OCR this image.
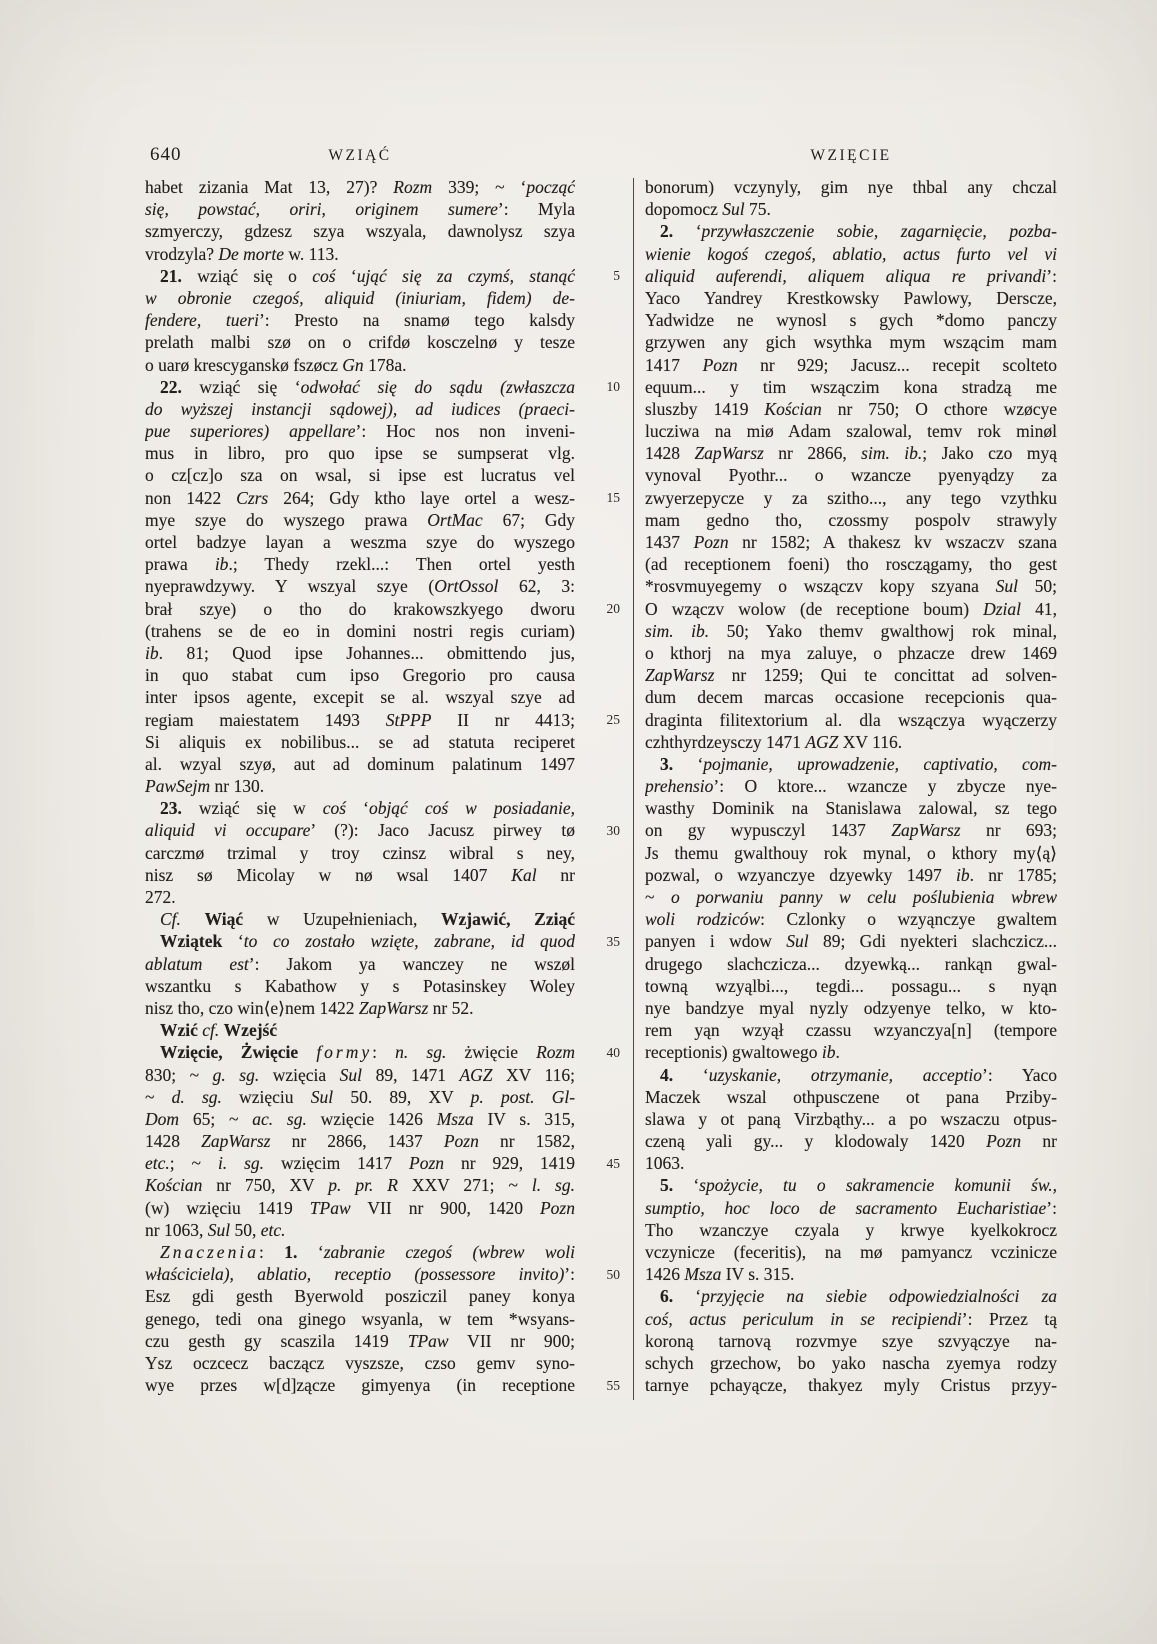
640	WZIĄĆ	WZIĘCIE
habet zizania Mat 13, 27)? Rozm 339; ~ ‘począć
się, powstać, oriri, originem sumere’: Myla
szmyerczy, gdzesz szya wszyala, dawnolysz szya
vrodzyla? De morte w. 113.
21. wziąć się o coś ‘ująć się za czymś, stanąć
w obronie czegoś, aliquid (iniuriam, fidem) de-
fendere, tueri’: Presto na snamø tego kalsdy
prelath malbi szø on o crifdø kosczelnø y tesze
o uarø krescyganskø fszøcz Gn 178a.
22. wziąć się ‘odwołać się do sądu (zwłaszcza
do wyższej instancji sądowej), ad iudices (praeci-
pue superiores) appellare’: Hoc nos non inveni-
mus in libro, pro quo ipse se sumpserat vlg.
o cz[cz]o sza on wsal, si ipse est lucratus vel
non 1422 Czrs 264; Gdy ktho laye ortel a wesz-
mye szye do wyszego prawa OrtMac 67; Gdy
ortel badzye layan a weszma szye do wyszego
prawa ib.; Thedy rzekl...: Then ortel yesth
nyeprawdzywy. Y wszyal szye (OrtOssol 62, 3:
brał szye) o tho do krakowszkyego dworu
(trahens se de eo in domini nostri regis curiam)
ib. 81; Quod ipse Johannes... obmittendo jus,
in quo stabat cum ipso Gregorio pro causa
inter ipsos agente, excepit se al. wszyal szye ad
regiam maiestatem 1493 StPPP II nr 4413;
Si aliquis ex nobilibus... se ad statuta reciperet
al. wzyal szyø, aut ad dominum palatinum 1497
PawSejm nr 130.
23. wziąć się w coś ‘objąć coś w posiadanie,
aliquid vi occupare’ (?): Jaco Jacusz pirwey tø
carczmø trzimal y troy czinsz wibral s ney,
nisz sø Micolay w nø wsal 1407 Kal nr
272.
Cf. Wiąć w Uzupełnieniach, Wzjawić, Zziąć
Wziątek ‘to co zostało wzięte, zabrane, id quod
ablatum est’: Jakom ya wanczey ne wszøl
wszantku s Kabathow y s Potasinskey Woley
nisz tho, czo win⟨e⟩nem 1422 ZapWarsz nr 52.
Wzić cf. Wzejść
Wzięcie, Żwięcie formy: n. sg. żwięcie Rozm
830; ~ g. sg. wzięcia Sul 89, 1471 AGZ XV 116;
~ d. sg. wzięciu Sul 50. 89, XV p. post. Gl-
Dom 65; ~ ac. sg. wzięcie 1426 Msza IV s. 315,
1428 ZapWarsz nr 2866, 1437 Pozn nr 1582,
etc.; ~ i. sg. wzięcim 1417 Pozn nr 929, 1419
Kościan nr 750, XV p. pr. R XXV 271; ~ l. sg.
(w) wzięciu 1419 TPaw VII nr 900, 1420 Pozn
nr 1063, Sul 50, etc.
Znaczenia: 1. ‘zabranie czegoś (wbrew woli
właściciela), ablatio, receptio (possessore invito)’:
Esz gdi gesth Byerwold posziczil paney konya
genego, tedi ona ginego wsyanla, w tem *wsyans-
czu gesth gy scaszila 1419 TPaw VII nr 900;
Ysz oczcecz baczącz vyszsze, czso gemv syno-
wye przes w[d]zącze gimyenya (in receptione
5
10
15
20
25
30
35
40
45
50
55
bonorum) vczynyly, gim nye thbal any chczal
dopomocz Sul 75.
2. ‘przywłaszczenie sobie, zagarnięcie, pozba-
wienie kogoś czegoś, ablatio, actus furto vel vi
aliquid auferendi, aliquem aliqua re privandi’:
Yaco Yandrey Krestkowsky Pawlowy, Derscze,
Yadwidze ne wynosl s gych *domo panczy
grzywen any gich wsythka mym wszącim mam
1417 Pozn nr 929; Jacusz... recepit scolteto
equum... y tim wszączim kona stradzą me
sluszby 1419 Kościan nr 750; O cthore wzøcye
lucziwa na miø Adam szalowal, temv rok minøl
1428 ZapWarsz nr 2866, sim. ib.; Jako czo myą
vynoval Pyothr... o wzancze pyenyądzy za
zwyerzepycze y za szitho..., any tego vzythku
mam gedno tho, czossmy pospolv strawyly
1437 Pozn nr 1582; A thakesz kv wszaczv szana
(ad receptionem foeni) tho rosczągamy, tho gest
*rosvmuyegemy o wszączv kopy szyana Sul 50;
O wzączv wolow (de receptione boum) Dzial 41,
sim. ib. 50; Yako themv gwalthowj rok minal,
o kthorj na mya zaluye, o phzacze drew 1469
ZapWarsz nr 1259; Qui te concittat ad solven-
dum decem marcas occasione recepcionis qua-
draginta filitextorium al. dla wszączya wyączerzy
czhthyrdzeysczy 1471 AGZ XV 116.
3. ‘pojmanie, uprowadzenie, captivatio, com-
prehensio’: O ktore... wzancze y zbycze nye-
wasthy Dominik na Stanislawa zalowal, sz tego
on gy wypusczyl 1437 ZapWarsz nr 693;
Js themu gwalthouy rok mynal, o kthory my⟨ą⟩
pozwal, o wzyanczye dzyewky 1497 ib. nr 1785;
~ o porwaniu panny w celu poślubienia wbrew
woli rodziców: Czlonky o wzyąnczye gwaltem
panyen i wdow Sul 89; Gdi nyekteri slachczicz...
drugego slachczicza... dzyewką... rankąn gwal-
towną wzyąlbi..., tegdi... possagu... s nyąn
nye bandzye myal nyzly odzyenye telko, w kto-
rem yąn wzyął czassu wzyanczya[n] (tempore
receptionis) gwaltowego ib.
4. ‘uzyskanie, otrzymanie, acceptio’: Yaco
Maczek wszal othpusczene ot pana Prziby-
slawa y ot paną Virzbąthy... a po wszaczu otpus-
czeną yali gy... y klodowaly 1420 Pozn nr
1063.
5. ‘spożycie, tu o sakramencie komunii św.,
sumptio, hoc loco de sacramento Eucharistiae’:
Tho wzanczye czyala y krwye kyelkokrocz
vczynicze (feceritis), na mø pamyancz vczinicze
1426 Msza IV s. 315.
6. ‘przyjęcie na siebie odpowiedzialności za
coś, actus periculum in se recipiendi’: Przez tą
koroną tarnovą rozvmye szye szvyączye na-
schych grzechow, bo yako nascha zyemya rodzy
tarnye pchayącze, thakyez myly Cristus przyy-
